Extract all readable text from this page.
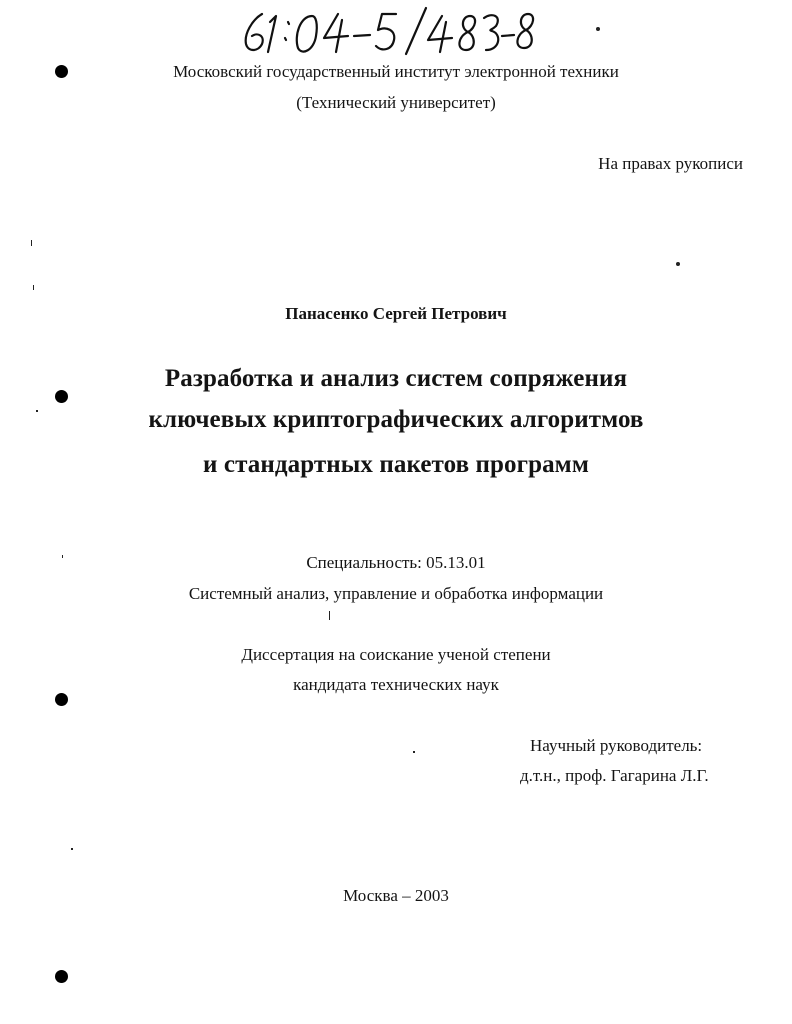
Московский государственный институт электронной техники
(Технический университет)
На правах рукописи
Панасенко Сергей Петрович
Разработка и анализ систем сопряжения
ключевых криптографических алгоритмов
и стандартных пакетов программ
Специальность: 05.13.01
Системный анализ, управление и обработка информации
Диссертация на соискание ученой степени
кандидата технических наук
Научный руководитель:
д.т.н., проф. Гагарина Л.Г.
Москва – 2003
